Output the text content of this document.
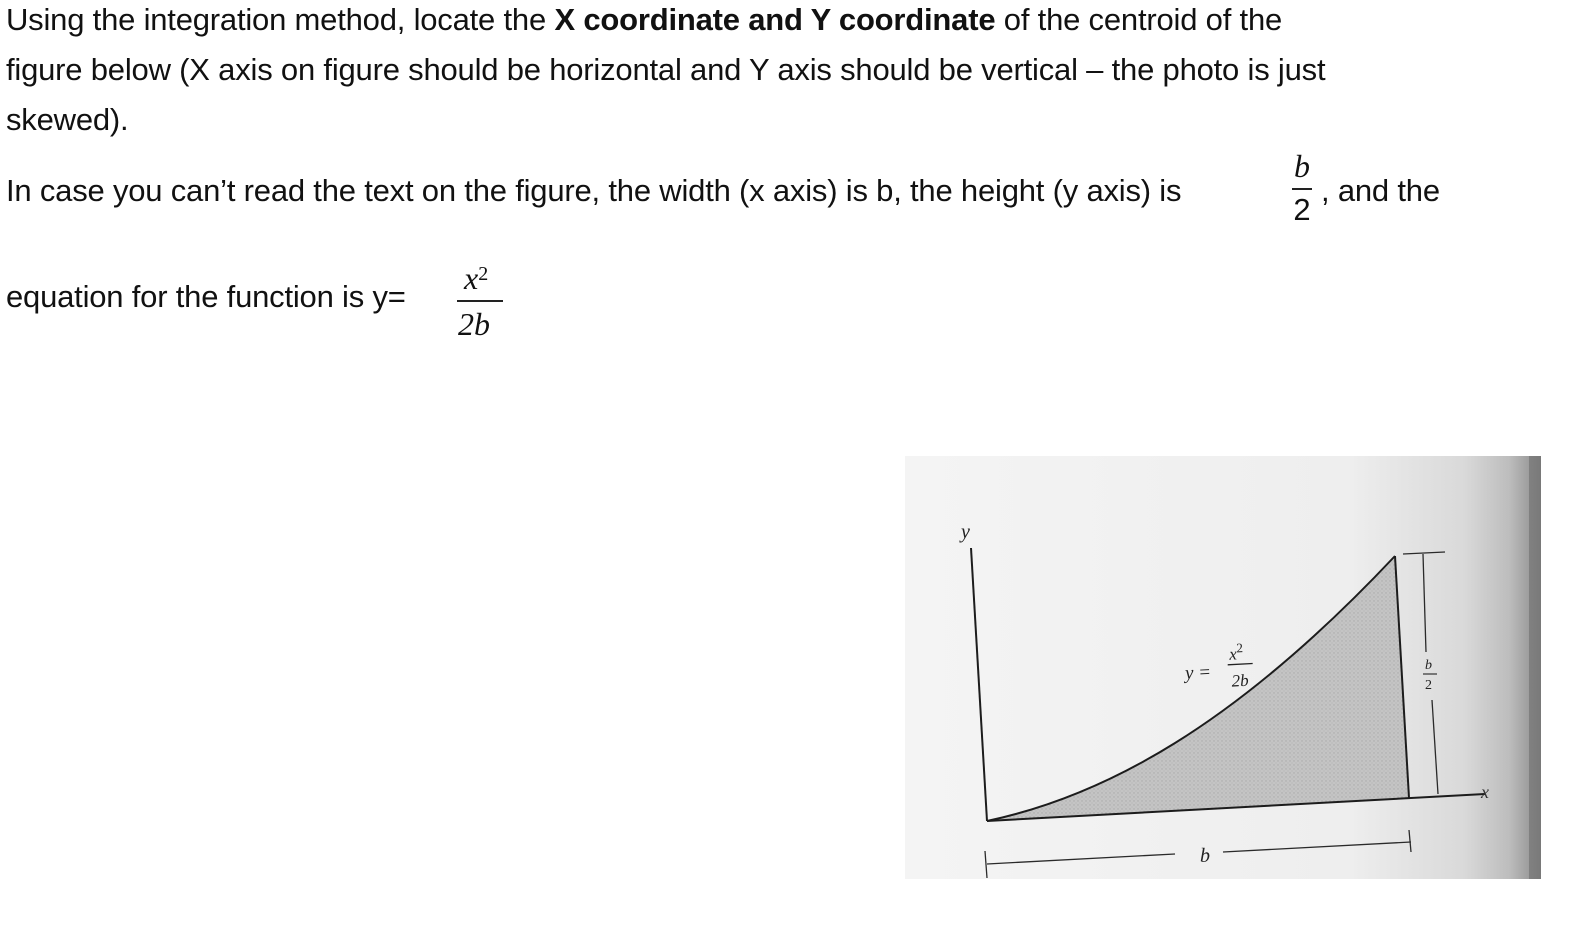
Using the integration method, locate the X coordinate and Y coordinate of the centroid of the
figure below (X axis on figure should be horizontal and Y axis should be vertical – the photo is just
skewed).
In case you can’t read the text on the figure, the width (x axis) is b, the height (y axis) is
b
2
, and the
equation for the function is y=
$x^2$
2b
y
x
y =
$x^2$
2b
b
b
2
